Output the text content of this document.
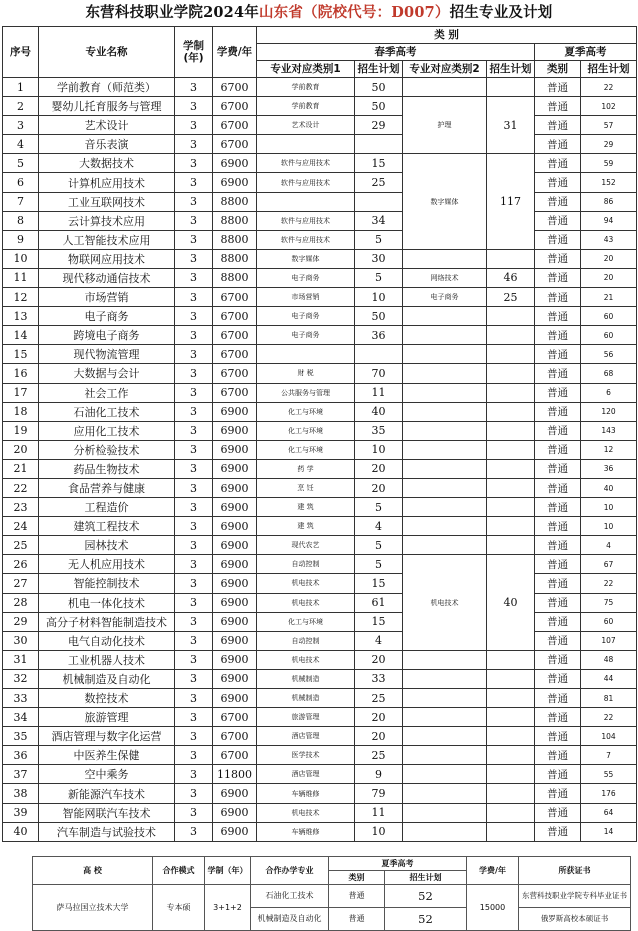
东营科技职业学院2024年山东省（院校代号：D007）招生专业及计划
序号	专业名称	学制
(年)	学费/年	类 别					
				春季高考				夏季高考	
				专业对应类别1	招生计划	专业对应类别2	招生计划	类别	招生计划
1	学前教育（师范类）	3	6700	学前教育	50			普通	22
2	婴幼儿托育服务与管理	3	6700	学前教育	50	护理	31	普通	102
3	艺术设计	3	6700	艺术设计	29			普通	57
4	音乐表演	3	6700					普通	29
5	大数据技术	3	6900	软件与应用技术	15	数字媒体	117	普通	59
6	计算机应用技术	3	6900	软件与应用技术	25			普通	152
7	工业互联网技术	3	8800					普通	86
8	云计算技术应用	3	8800	软件与应用技术	34			普通	94
9	人工智能技术应用	3	8800	软件与应用技术	5			普通	43
10	物联网应用技术	3	8800	数字媒体	30			普通	20
11	现代移动通信技术	3	8800	电子商务	5	网络技术	46	普通	20
12	市场营销	3	6700	市场营销	10	电子商务	25	普通	21
13	电子商务	3	6700	电子商务	50			普通	60
14	跨境电子商务	3	6700	电子商务	36			普通	60
15	现代物流管理	3	6700					普通	56
16	大数据与会计	3	6700	财 税	70			普通	68
17	社会工作	3	6700	公共服务与管理	11			普通	6
18	石油化工技术	3	6900	化工与环境	40			普通	120
19	应用化工技术	3	6900	化工与环境	35			普通	143
20	分析检验技术	3	6900	化工与环境	10			普通	12
21	药品生物技术	3	6900	药 学	20			普通	36
22	食品营养与健康	3	6900	烹 饪	20			普通	40
23	工程造价	3	6900	建 筑	5			普通	10
24	建筑工程技术	3	6900	建 筑	4			普通	10
25	园林技术	3	6900	现代农艺	5			普通	4
26	无人机应用技术	3	6900	自动控制	5	机电技术	40	普通	67
27	智能控制技术	3	6900	机电技术	15			普通	22
28	机电一体化技术	3	6900	机电技术	61			普通	75
29	高分子材料智能制造技术	3	6900	化工与环境	15			普通	60
30	电气自动化技术	3	6900	自动控制	4			普通	107
31	工业机器人技术	3	6900	机电技术	20			普通	48
32	机械制造及自动化	3	6900	机械制造	33			普通	44
33	数控技术	3	6900	机械制造	25			普通	81
34	旅游管理	3	6700	旅游管理	20			普通	22
35	酒店管理与数字化运营	3	6700	酒店管理	20			普通	104
36	中医养生保健	3	6700	医学技术	25			普通	7
37	空中乘务	3	11800	酒店管理	9			普通	55
38	新能源汽车技术	3	6900	车辆维修	79			普通	176
39	智能网联汽车技术	3	6900	机电技术	11			普通	64
40	汽车制造与试验技术	3	6900	车辆维修	10			普通	14
高 校	合作模式	学制（年）	合作办学专业	夏季高考		学费/年	所获证书
				类别	招生计划		
萨马拉国立技术大学	专本硕	3+1+2	石油化工技术	普通	52	15000	东营科技职业学院专科毕业证书
			机械制造及自动化	普通	52		俄罗斯高校本硕证书
